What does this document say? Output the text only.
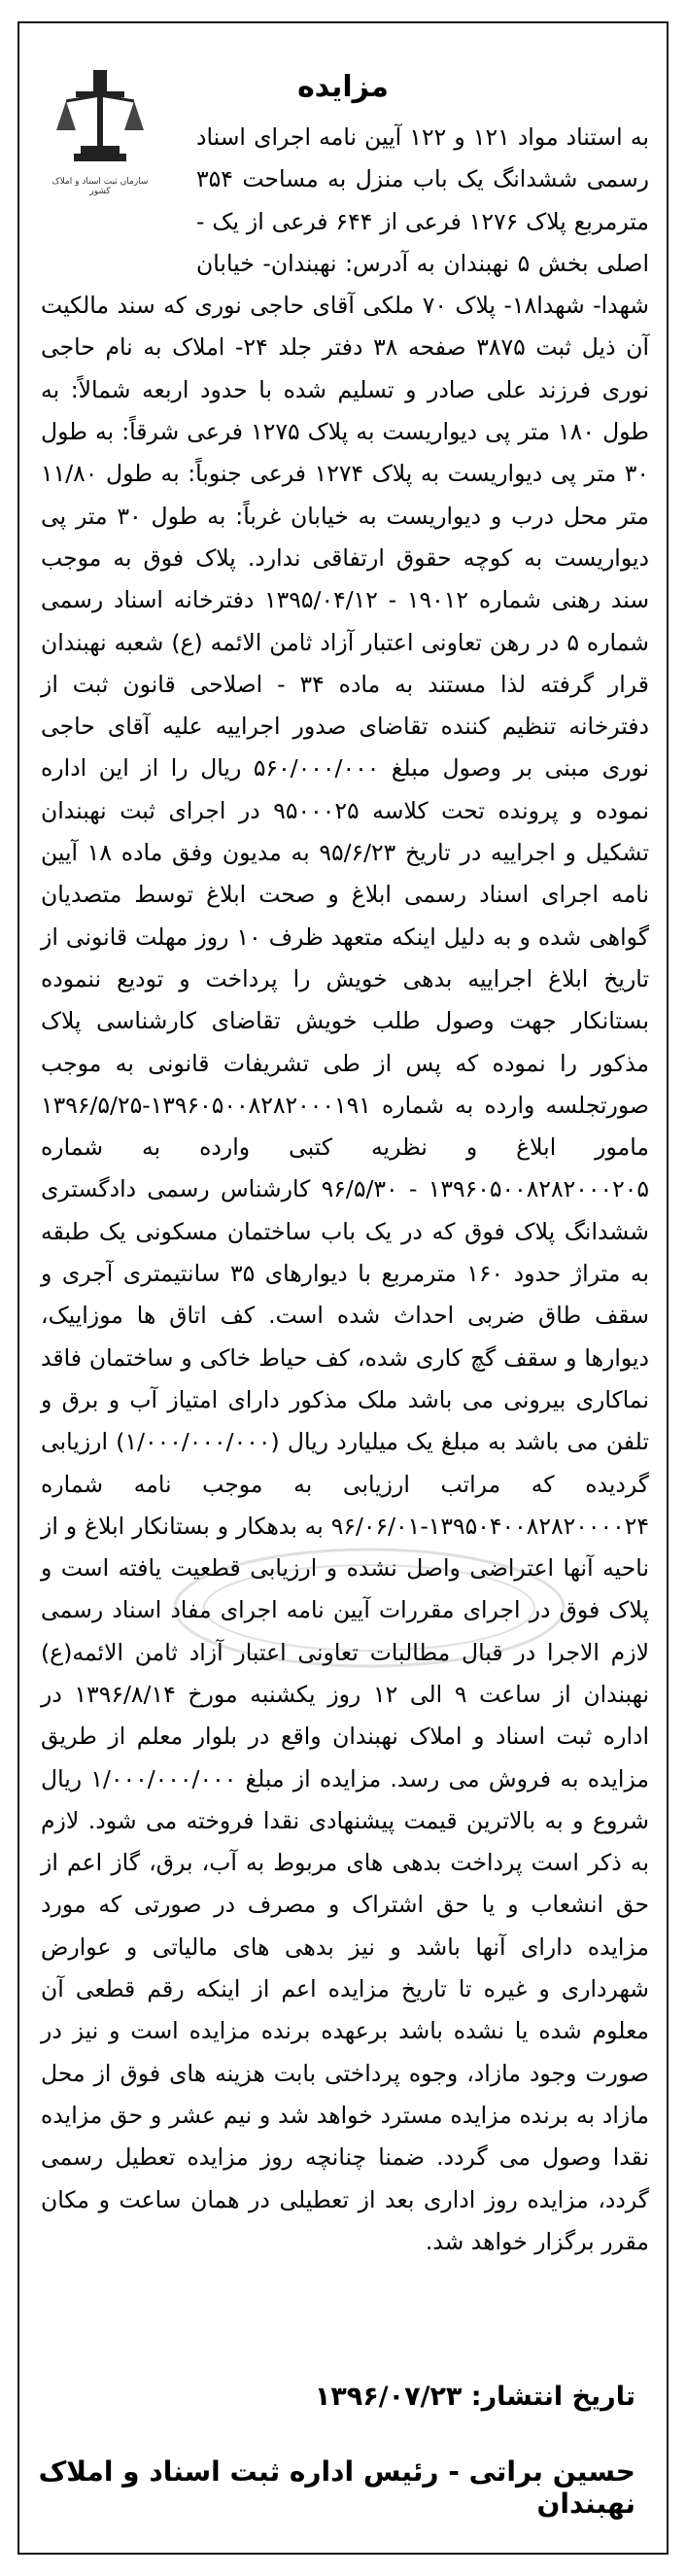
سازمان ثبت اسناد و املاک کشور
مزایده
به استناد مواد ۱۲۱ و ۱۲۲ آیین نامه اجرای اسناد رسمی ششدانگ یک باب منزل به مساحت ۳۵۴ مترمربع پلاک ۱۲۷۶ فرعی از ۶۴۴ فرعی از یک - اصلی بخش ۵ نهبندان به آدرس: نهبندان- خیابان شهدا- شهدا۱۸- پلاک ۷۰ ملکی آقای حاجی نوری که سند مالکیت آن ذیل ثبت ۳۸۷۵ صفحه ۳۸ دفتر جلد ۲۴- املاک به نام حاجی نوری فرزند علی صادر و تسلیم شده با حدود اربعه شمالاً: به طول ۱۸۰ متر پی دیواریست به پلاک ۱۲۷۵ فرعی شرقاً: به طول ۳۰ متر پی دیواریست به پلاک ۱۲۷۴ فرعی جنوباً: به طول ۱۱/۸۰ متر محل درب و دیواریست به خیابان غرباً: به طول ۳۰ متر پی دیواریست به کوچه حقوق ارتفاقی ندارد. پلاک فوق به موجب سند رهنی شماره ۱۹۰۱۲ - ۱۳۹۵/۰۴/۱۲ دفترخانه اسناد رسمی شماره ۵ در رهن تعاونی اعتبار آزاد ثامن الائمه (ع) شعبه نهبندان قرار گرفته لذا مستند به ماده ۳۴ - اصلاحی قانون ثبت از دفترخانه تنظیم کننده تقاضای صدور اجراییه علیه آقای حاجی نوری مبنی بر وصول مبلغ ۵۶۰/۰۰۰/۰۰۰ ریال را از این اداره نموده و پرونده تحت کلاسه ۹۵۰۰۰۲۵ در اجرای ثبت نهبندان تشکیل و اجراییه در تاریخ ۹۵/۶/۲۳ به مدیون وفق ماده ۱۸ آیین نامه اجرای اسناد رسمی ابلاغ و صحت ابلاغ توسط متصدیان گواهی شده و به دلیل اینکه متعهد ظرف ۱۰ روز مهلت قانونی از تاریخ ابلاغ اجراییه بدهی خویش را پرداخت و تودیع ننموده بستانکار جهت وصول طلب خویش تقاضای کارشناسی پلاک مذکور را نموده که پس از طی تشریفات قانونی به موجب صورتجلسه وارده به شماره ۱۳۹۶۰۵۰۰۸۲۸۲۰۰۰۱۹۱-۱۳۹۶/۵/۲۵ مامور ابلاغ و نظریه کتبی وارده به شماره ۱۳۹۶۰۵۰۰۸۲۸۲۰۰۰۲۰۵ - ۹۶/۵/۳۰ کارشناس رسمی دادگستری ششدانگ پلاک فوق که در یک باب ساختمان مسکونی یک طبقه به متراژ حدود ۱۶۰ مترمربع با دیوارهای ۳۵ سانتیمتری آجری و سقف طاق ضربی احداث شده است. کف اتاق ها موزاییک، دیوارها و سقف گچ کاری شده، کف حیاط خاکی و ساختمان فاقد نماکاری بیرونی می باشد ملک مذکور دارای امتیاز آب و برق و تلفن می باشد به مبلغ یک میلیارد ریال (۱/۰۰۰/۰۰۰/۰۰۰) ارزیابی گردیده که مراتب ارزیابی به موجب نامه شماره ۱۳۹۵۰۴۰۰۸۲۸۲۰۰۰۰۲۴-۹۶/۰۶/۰۱ به بدهکار و بستانکار ابلاغ و از ناحیه آنها اعتراضی واصل نشده و ارزیابی قطعیت یافته است و پلاک فوق در اجرای مقررات آیین نامه اجرای مفاد اسناد رسمی لازم الاجرا در قبال مطالبات تعاونی اعتبار آزاد ثامن الائمه(ع) نهبندان از ساعت ۹ الی ۱۲ روز یکشنبه مورخ ۱۳۹۶/۸/۱۴ در اداره ثبت اسناد و املاک نهبندان واقع در بلوار معلم از طریق مزایده به فروش می رسد. مزایده از مبلغ ۱/۰۰۰/۰۰۰/۰۰۰ ریال شروع و به بالاترین قیمت پیشنهادی نقدا فروخته می شود. لازم به ذکر است پرداخت بدهی های مربوط به آب، برق، گاز اعم از حق انشعاب و یا حق اشتراک و مصرف در صورتی که مورد مزایده دارای آنها باشد و نیز بدهی های مالیاتی و عوارض شهرداری و غیره تا تاریخ مزایده اعم از اینکه رقم قطعی آن معلوم شده یا نشده باشد برعهده برنده مزایده است و نیز در صورت وجود مازاد، وجوه پرداختی بابت هزینه های فوق از محل مازاد به برنده مزایده مسترد خواهد شد و نیم عشر و حق مزایده نقدا وصول می گردد. ضمنا چنانچه روز مزایده تعطیل رسمی گردد، مزایده روز اداری بعد از تعطیلی در همان ساعت و مکان مقرر برگزار خواهد شد.
تاریخ انتشار: ۱۳۹۶/۰۷/۲۳
حسین براتی - رئیس اداره ثبت اسناد و املاک نهبندان
